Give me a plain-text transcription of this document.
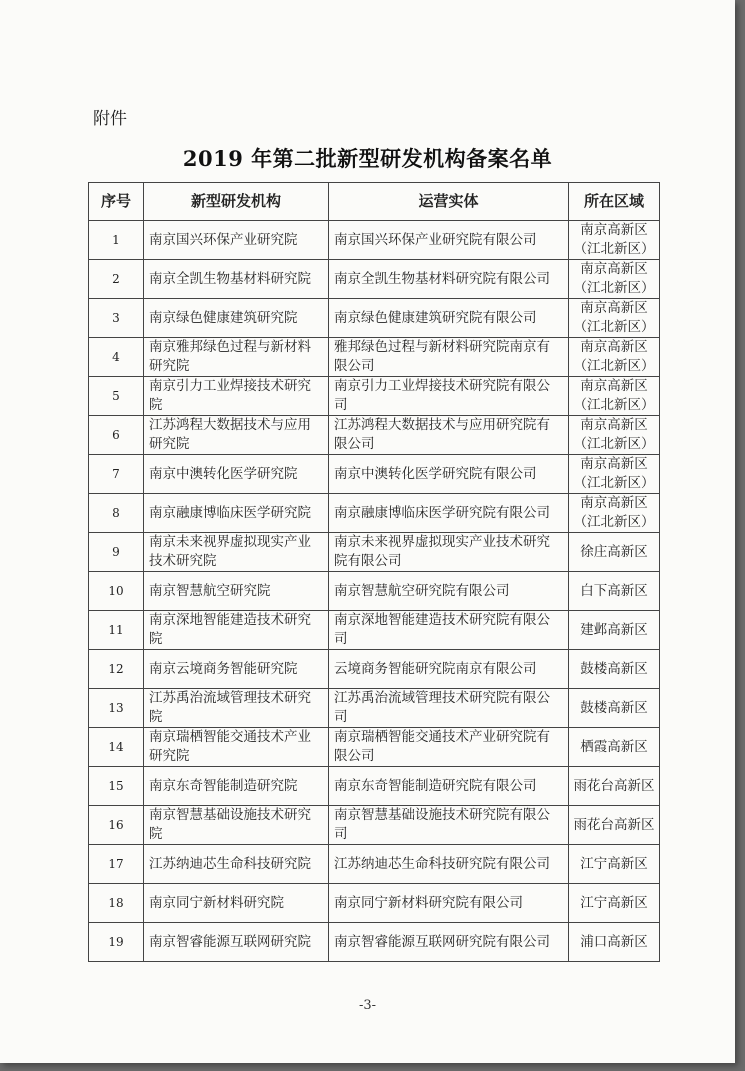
附件
2019 年第二批新型研发机构备案名单
序号	新型研发机构	运营实体	所在区域
1	南京国兴环保产业研究院	南京国兴环保产业研究院有限公司	南京高新区（江北新区）
2	南京全凯生物基材料研究院	南京全凯生物基材料研究院有限公司	南京高新区（江北新区）
3	南京绿色健康建筑研究院	南京绿色健康建筑研究院有限公司	南京高新区（江北新区）
4	南京雅邦绿色过程与新材料研究院	雅邦绿色过程与新材料研究院南京有限公司	南京高新区（江北新区）
5	南京引力工业焊接技术研究院	南京引力工业焊接技术研究院有限公司	南京高新区（江北新区）
6	江苏鸿程大数据技术与应用研究院	江苏鸿程大数据技术与应用研究院有限公司	南京高新区（江北新区）
7	南京中澳转化医学研究院	南京中澳转化医学研究院有限公司	南京高新区（江北新区）
8	南京融康博临床医学研究院	南京融康博临床医学研究院有限公司	南京高新区（江北新区）
9	南京未来视界虚拟现实产业技术研究院	南京未来视界虚拟现实产业技术研究院有限公司	徐庄高新区
10	南京智慧航空研究院	南京智慧航空研究院有限公司	白下高新区
11	南京深地智能建造技术研究院	南京深地智能建造技术研究院有限公司	建邺高新区
12	南京云境商务智能研究院	云境商务智能研究院南京有限公司	鼓楼高新区
13	江苏禹治流域管理技术研究院	江苏禹治流域管理技术研究院有限公司	鼓楼高新区
14	南京瑞栖智能交通技术产业研究院	南京瑞栖智能交通技术产业研究院有限公司	栖霞高新区
15	南京东奇智能制造研究院	南京东奇智能制造研究院有限公司	雨花台高新区
16	南京智慧基础设施技术研究院	南京智慧基础设施技术研究院有限公司	雨花台高新区
17	江苏纳迪芯生命科技研究院	江苏纳迪芯生命科技研究院有限公司	江宁高新区
18	南京同宁新材料研究院	南京同宁新材料研究院有限公司	江宁高新区
19	南京智睿能源互联网研究院	南京智睿能源互联网研究院有限公司	浦口高新区
-3-
